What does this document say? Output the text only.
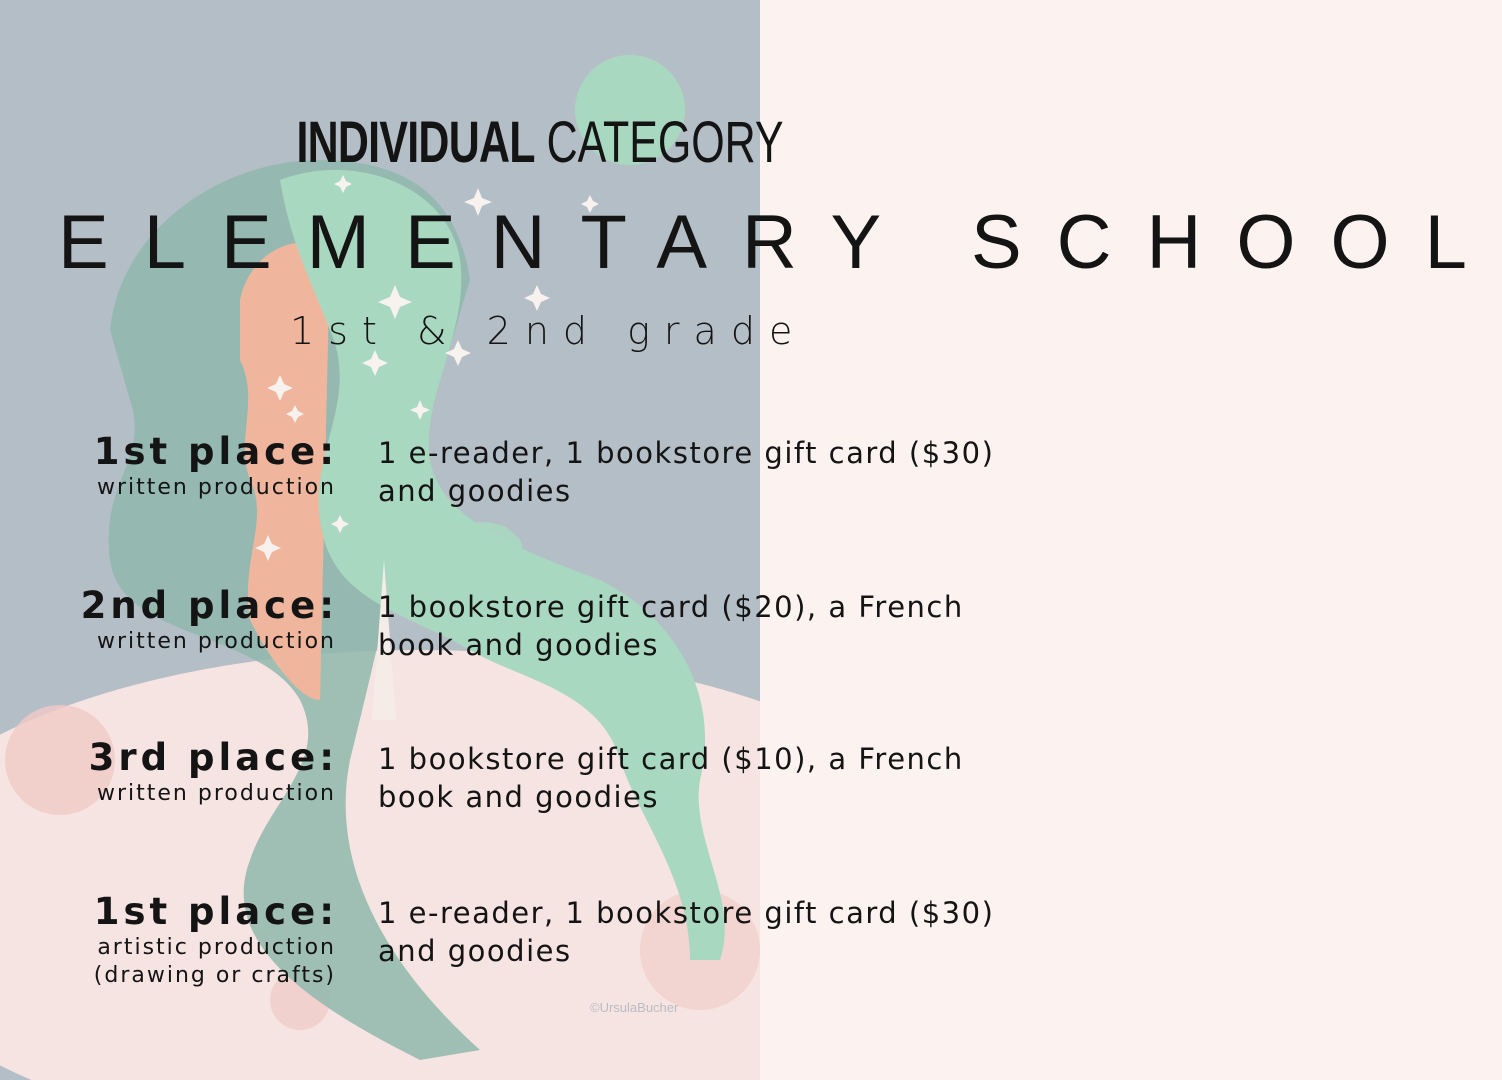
INDIVIDUAL CATEGORY
ELEMENTARY SCHOOL
1st & 2nd grade
1st place:
written production
1 e-reader, 1 bookstore gift card ($30) and goodies
2nd place:
written production
1 bookstore gift card ($20), a French book and goodies
3rd place:
written production
1 bookstore gift card ($10), a French book and goodies
1st place:
artistic production
(drawing or crafts)
1 e-reader, 1 bookstore gift card ($30) and goodies
©UrsulaBucher
